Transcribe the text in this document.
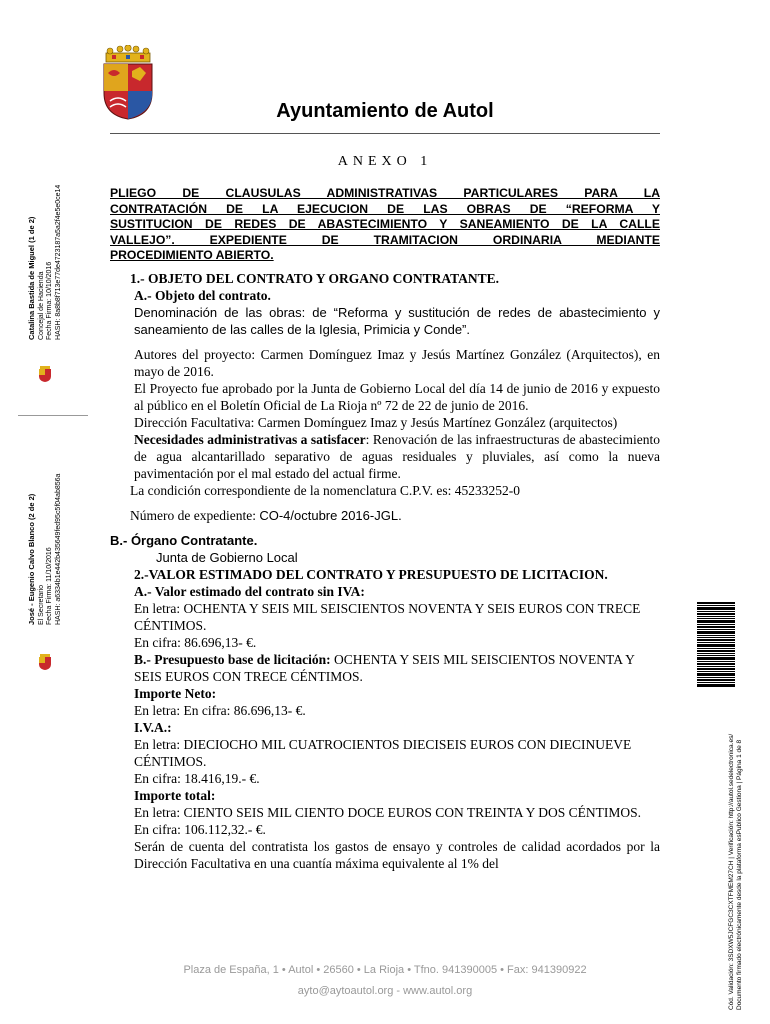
Ayuntamiento de Autol
ANEXO 1
PLIEGO DE CLAUSULAS ADMINISTRATIVAS PARTICULARES PARA LA
CONTRATACIÓN DE LA EJECUCION DE LAS OBRAS DE “REFORMA Y
SUSTITUCION DE REDES DE ABASTECIMIENTO Y SANEAMIENTO DE LA CALLE
VALLEJO”. EXPEDIENTE DE TRAMITACION ORDINARIA MEDIANTE
PROCEDIMIENTO ABIERTO.

1.- OBJETO DEL CONTRATO Y ORGANO CONTRATANTE.

A.- Objeto del contrato.

Denominación de las obras: de “Reforma y sustitución de redes de abastecimiento y saneamiento de las calles de la Iglesia, Primicia y Conde”.

Autores del proyecto: Carmen Domínguez Imaz y Jesús Martínez González (Arquitectos), en mayo de 2016.

El Proyecto fue aprobado por la Junta de Gobierno Local del día 14 de junio de 2016 y expuesto al público en el Boletín Oficial de La Rioja nº 72 de 22 de junio de 2016.

Dirección Facultativa: Carmen Domínguez Imaz y Jesús Martínez González (arquitectos)

Necesidades administrativas a satisfacer: Renovación de las infraestructuras de abastecimiento de agua alcantarillado separativo de aguas residuales y pluviales, así como la nueva pavimentación por el mal estado del actual firme.

La condición correspondiente de la nomenclatura C.P.V. es: 45233252-0

Número de expediente: CO-4/octubre 2016-JGL.

B.- Órgano Contratante.

Junta de Gobierno Local

2.-VALOR ESTIMADO DEL CONTRATO Y PRESUPUESTO DE LICITACION.

A.- Valor estimado del contrato sin IVA:

En letra: OCHENTA Y SEIS MIL SEISCIENTOS NOVENTA Y SEIS EUROS CON TRECE CÉNTIMOS.

En cifra: 86.696,13- €.

B.- Presupuesto base de licitación: OCHENTA Y SEIS MIL SEISCIENTOS NOVENTA Y SEIS EUROS CON TRECE CÉNTIMOS.

Importe Neto:

En letra: En cifra: 86.696,13- €.

I.V.A.:

En letra: DIECIOCHO MIL CUATROCIENTOS DIECISEIS EUROS CON DIECINUEVE CÉNTIMOS.

En cifra: 18.416,19.- €.

Importe total:

En letra: CIENTO SEIS MIL CIENTO DOCE EUROS CON TREINTA Y DOS CÉNTIMOS.

En cifra: 106.112,32.- €.

Serán de cuenta del contratista los gastos de ensayo y controles de calidad acordados por la Dirección Facultativa en una cuantía máxima equivalente al 1% del

Catalina Bastida de Miguel (1 de 2) Concejal de Hacienda Fecha Firma: 10/10/2016 HASH: 8a8b8f713e77de4723187a5a2f4e5e0ce14
José - Eugenio Calvo Blanco (2 de 2) El Secretario Fecha Firma: 11/10/2016 HASH: a6334b1e442b435649fed95c5f04ab856a
Cód. Validación: 3SDXW5JCFGC3CXTFMEM27CH | Verificación: http://autol.sedelectronica.es/ Documento firmado electrónicamente desde la plataforma esPublico Gestiona | Página 1 de 8
Plaza de España, 1 • Autol • 26560 • La Rioja • Tfno. 941390005 • Fax: 941390922
ayto@aytoautol.org - www.autol.org
